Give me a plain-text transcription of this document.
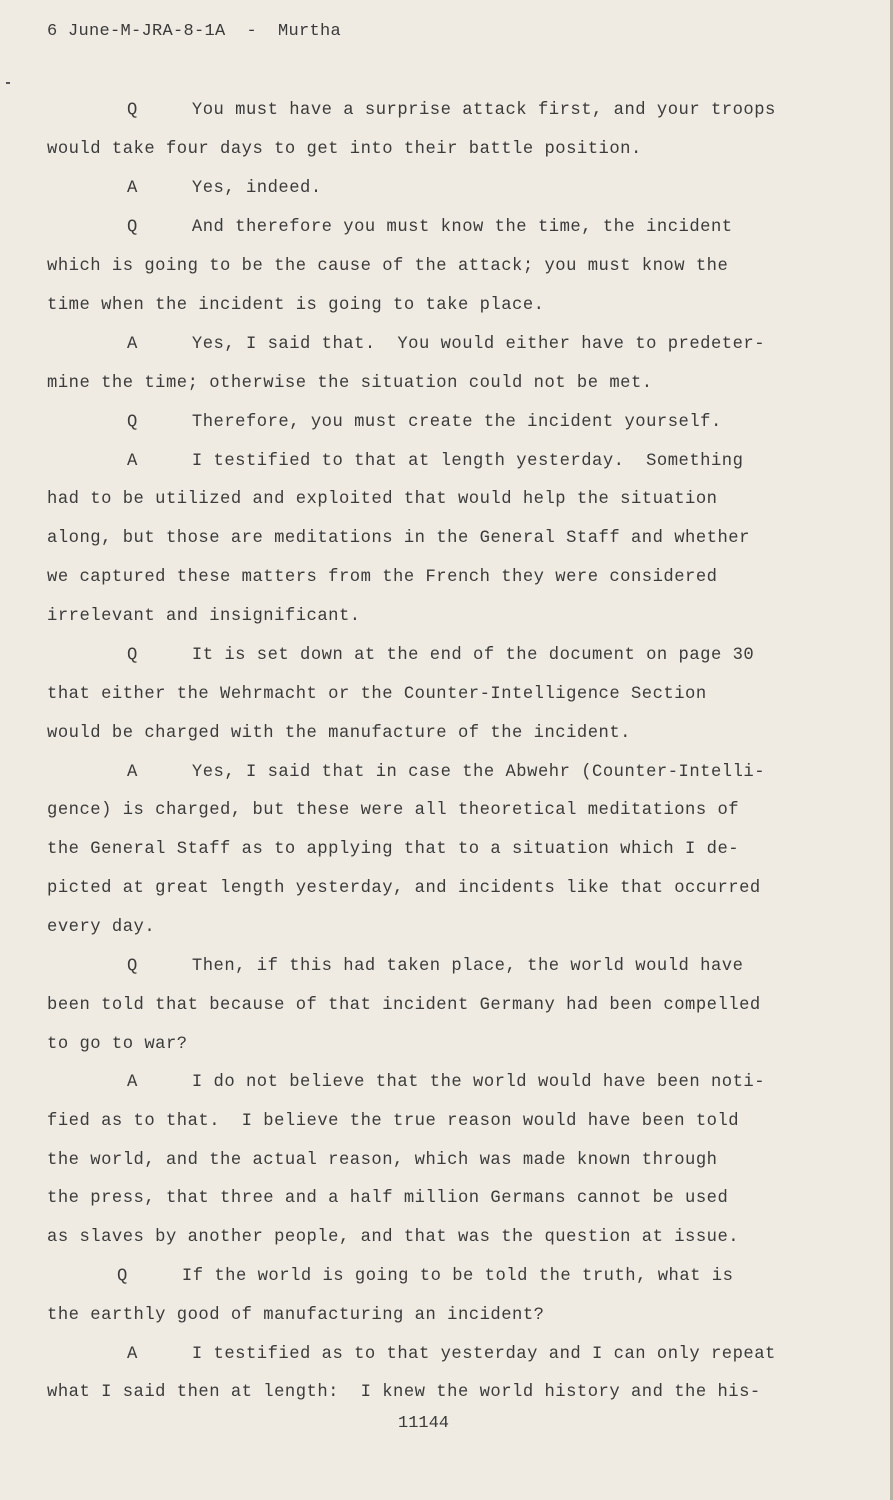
6 June-M-JRA-8-1A  -  Murtha
Q     You must have a surprise attack first, and your troops
would take four days to get into their battle position.
A     Yes, indeed.
Q     And therefore you must know the time, the incident
which is going to be the cause of the attack; you must know the
time when the incident is going to take place.
A     Yes, I said that.  You would either have to predeter-
mine the time; otherwise the situation could not be met.
Q     Therefore, you must create the incident yourself.
A     I testified to that at length yesterday.  Something
had to be utilized and exploited that would help the situation
along, but those are meditations in the General Staff and whether
we captured these matters from the French they were considered
irrelevant and insignificant.
Q     It is set down at the end of the document on page 30
that either the Wehrmacht or the Counter-Intelligence Section
would be charged with the manufacture of the incident.
A     Yes, I said that in case the Abwehr (Counter-Intelli-
gence) is charged, but these were all theoretical meditations of
the General Staff as to applying that to a situation which I de-
picted at great length yesterday, and incidents like that occurred
every day.
Q     Then, if this had taken place, the world would have
been told that because of that incident Germany had been compelled
to go to war?
A     I do not believe that the world would have been noti-
fied as to that.  I believe the true reason would have been told
the world, and the actual reason, which was made known through
the press, that three and a half million Germans cannot be used
as slaves by another people, and that was the question at issue.
Q     If the world is going to be told the truth, what is
the earthly good of manufacturing an incident?
A     I testified as to that yesterday and I can only repeat
what I said then at length:  I knew the world history and the his-
11144
